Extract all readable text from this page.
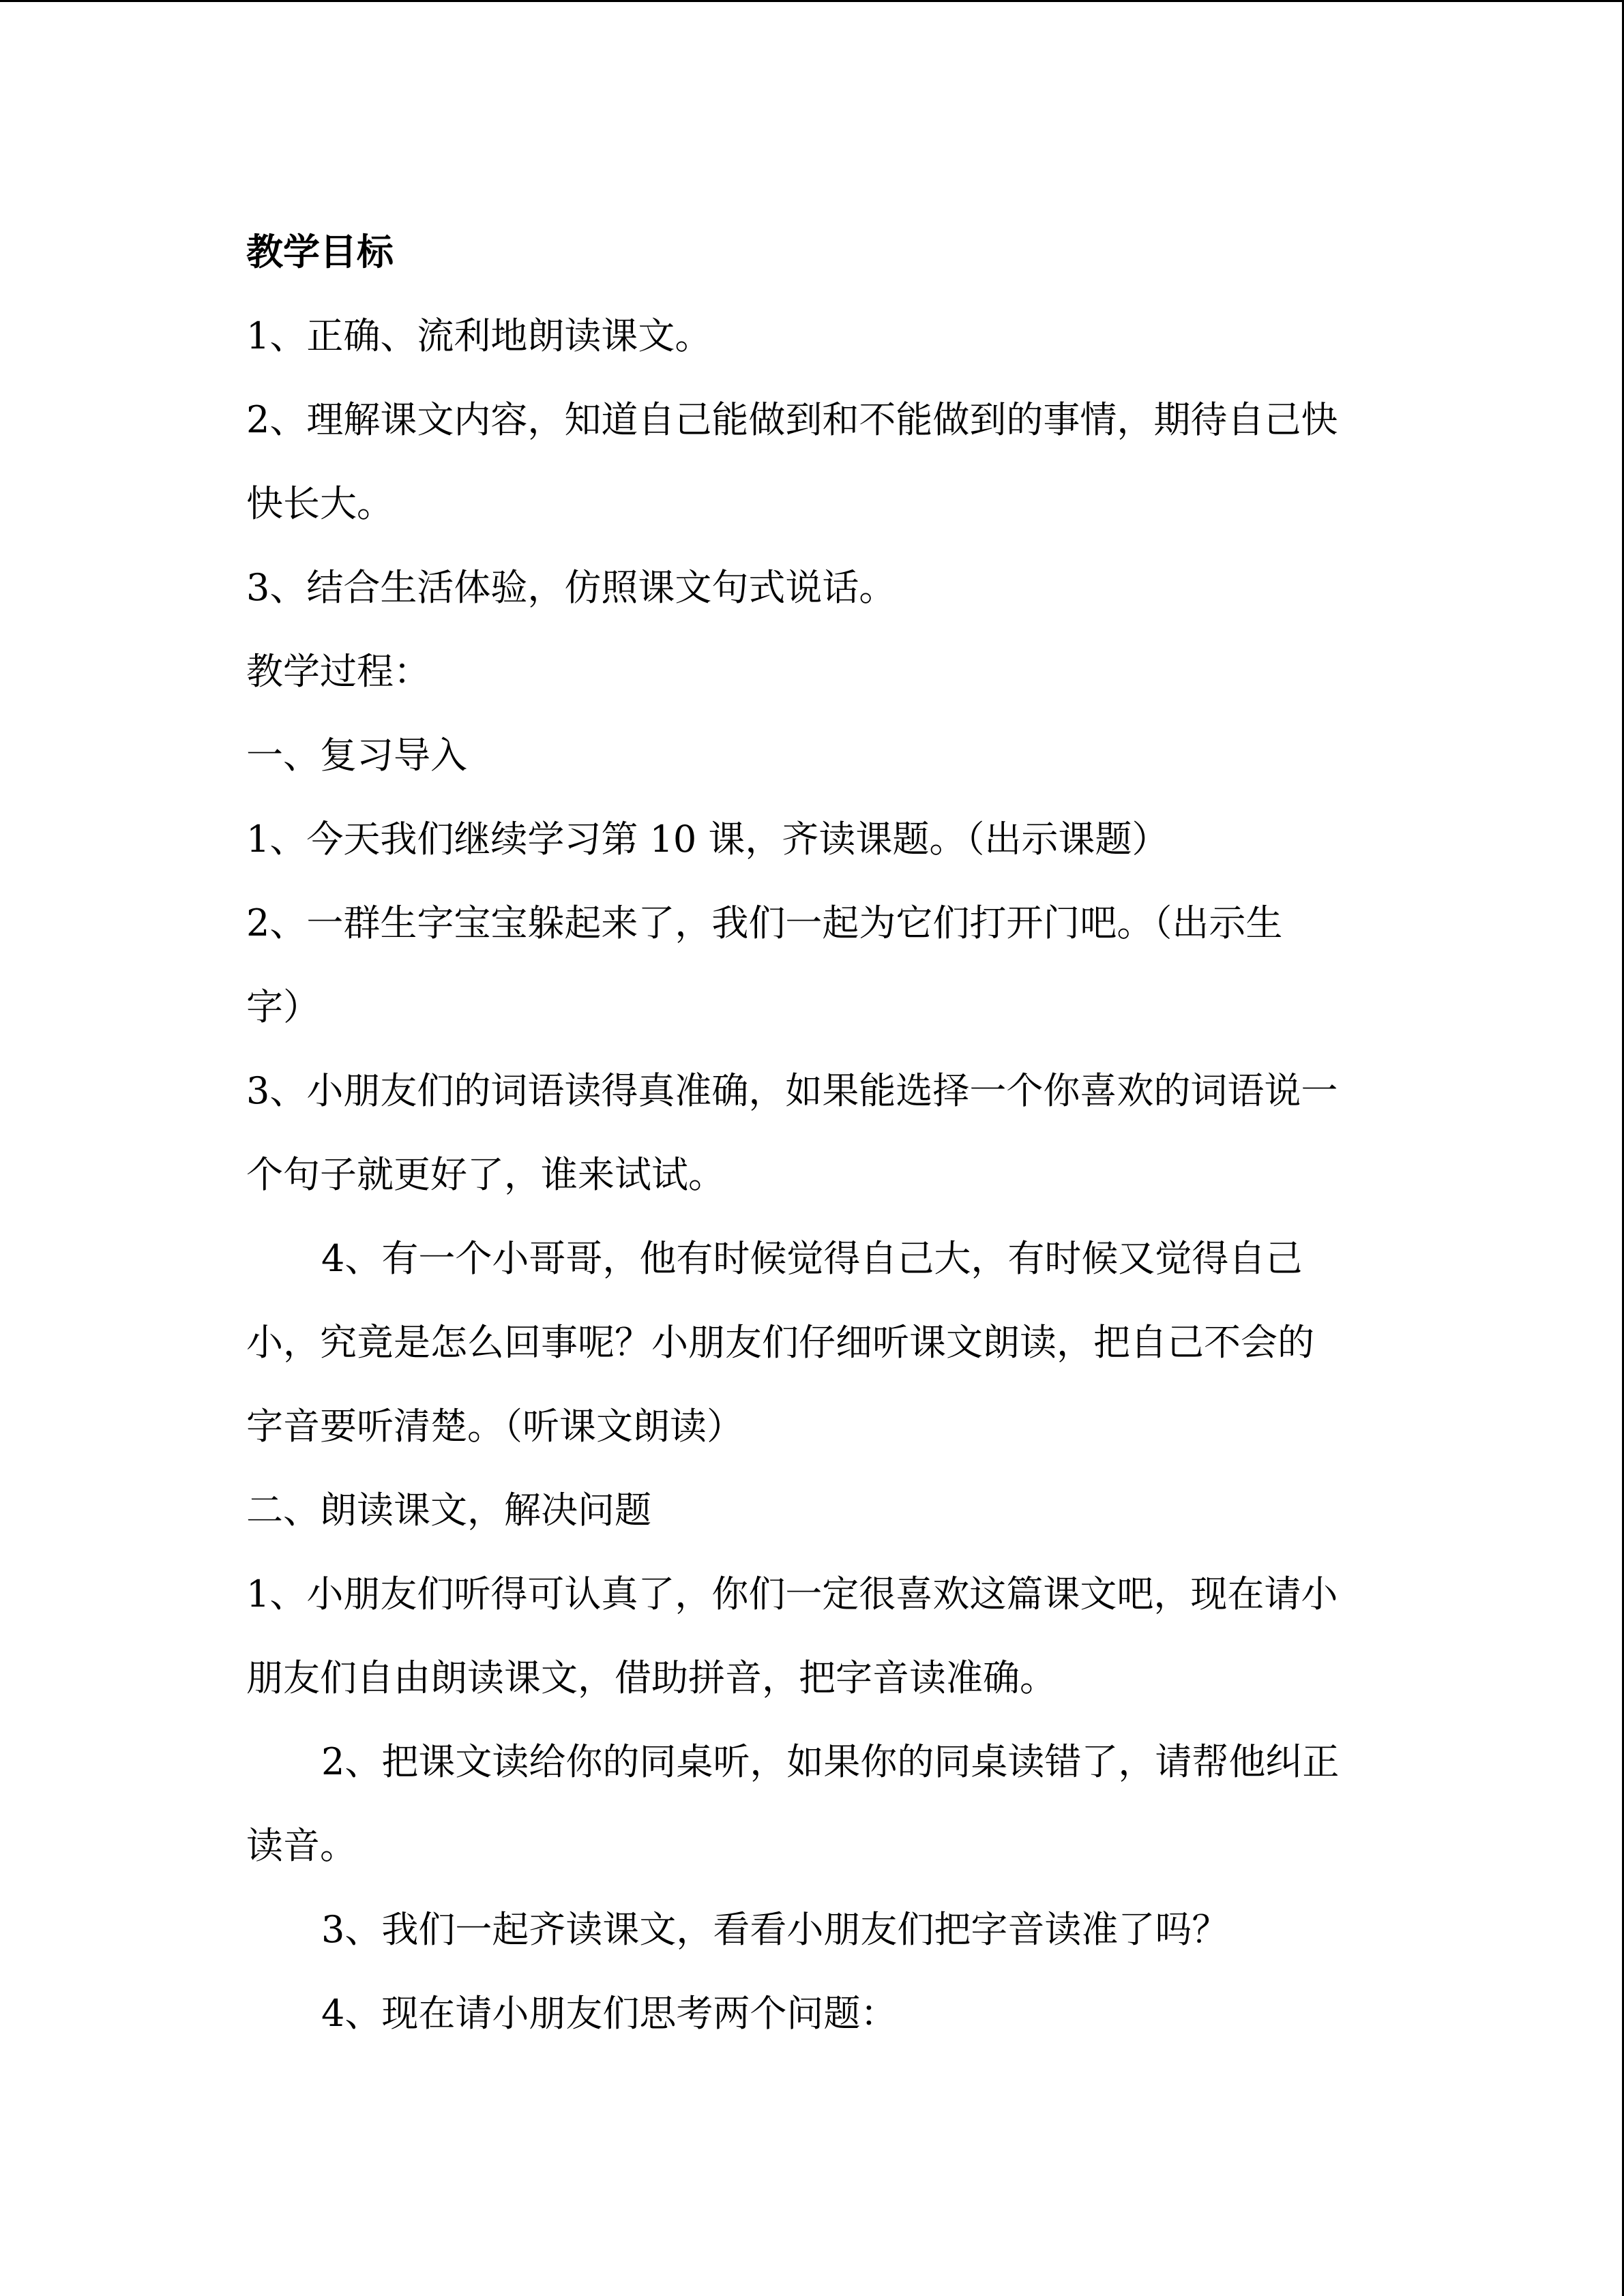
教学目标
1、正确、流利地朗读课文。
2、理解课文内容，知道自己能做到和不能做到的事情，期待自己快
快长大。
3、结合生活体验，仿照课文句式说话。
教学过程：
一、复习导入
1、今天我们继续学习第 10 课，齐读课题。（出示课题）
2、一群生字宝宝躲起来了，我们一起为它们打开门吧。（出示生
字）
3、小朋友们的词语读得真准确，如果能选择一个你喜欢的词语说一
个句子就更好了，谁来试试。
4、有一个小哥哥，他有时候觉得自己大，有时候又觉得自己
小，究竟是怎么回事呢？小朋友们仔细听课文朗读，把自己不会的
字音要听清楚。（听课文朗读）
二、朗读课文，解决问题
1、小朋友们听得可认真了，你们一定很喜欢这篇课文吧，现在请小
朋友们自由朗读课文，借助拼音，把字音读准确。
2、把课文读给你的同桌听，如果你的同桌读错了，请帮他纠正
读音。
3、我们一起齐读课文，看看小朋友们把字音读准了吗？
4、现在请小朋友们思考两个问题：
